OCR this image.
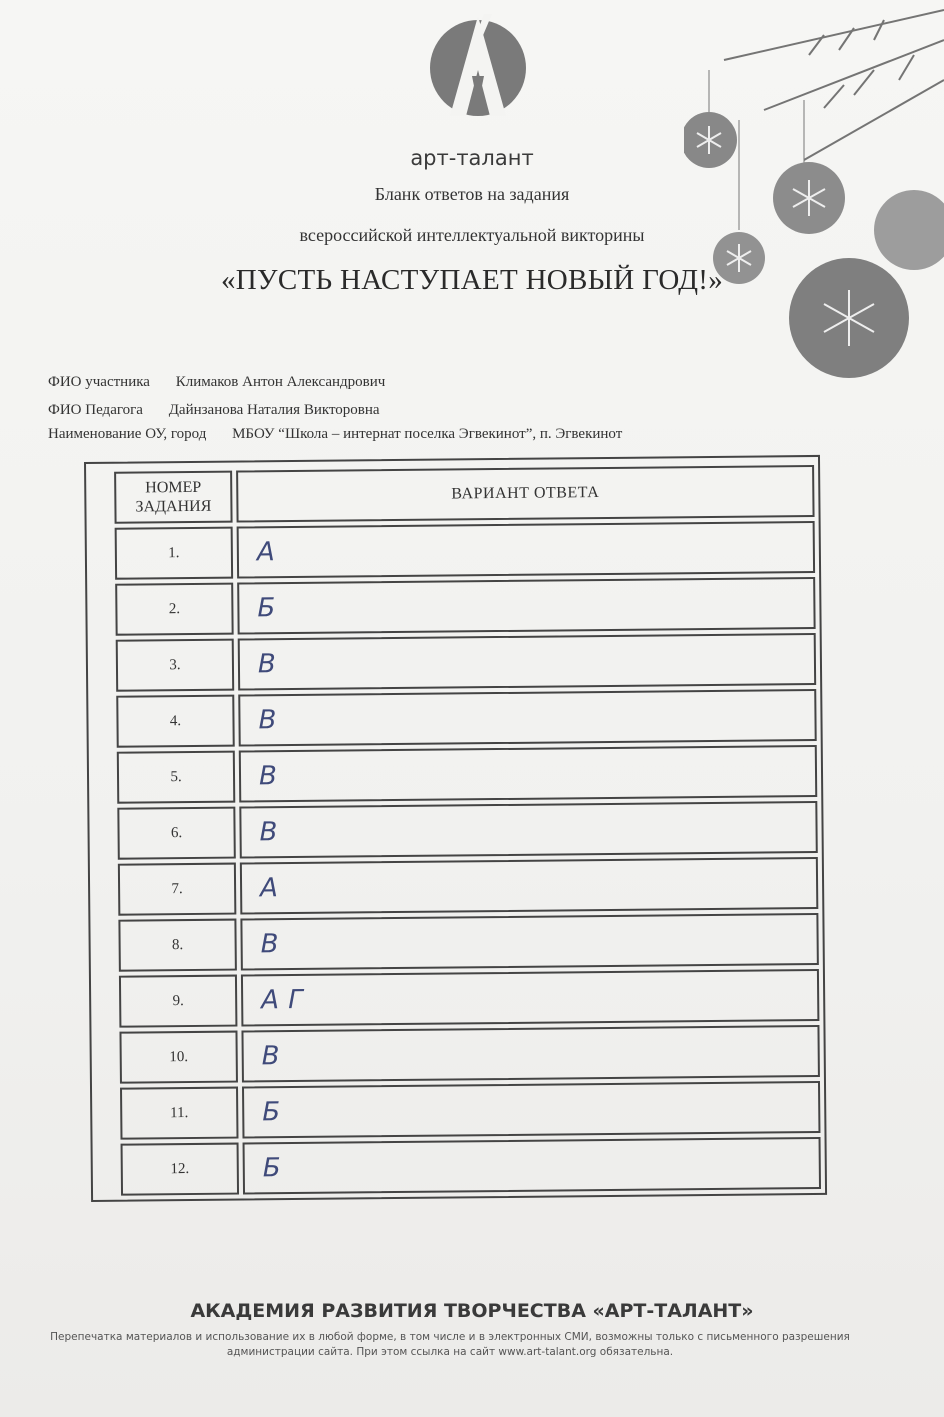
арт-талант
Бланк ответов на задания
всероссийской интеллектуальной викторины
«ПУСТЬ НАСТУПАЕТ НОВЫЙ ГОД!»
ФИО участника Климаков Антон Александрович
ФИО Педагога Дайнзанова Наталия Викторовна
Наименование ОУ, город МБОУ “Школа – интернат поселка Эгвекинот”, п. Эгвекинот
НОМЕР ЗАДАНИЯ
ВАРИАНТ ОТВЕТА
1.	А
2.	Б
3.	В
4.	В
5.	В
6.	В
7.	А
8.	В
9.	А Г
10.	В
11.	Б
12.	Б
АКАДЕМИЯ РАЗВИТИЯ ТВОРЧЕСТВА «АРТ-ТАЛАНТ»
Перепечатка материалов и использование их в любой форме, в том числе и в электронных СМИ, возможны только с письменного разрешения администрации сайта. При этом ссылка на сайт www.art-talant.org обязательна.
